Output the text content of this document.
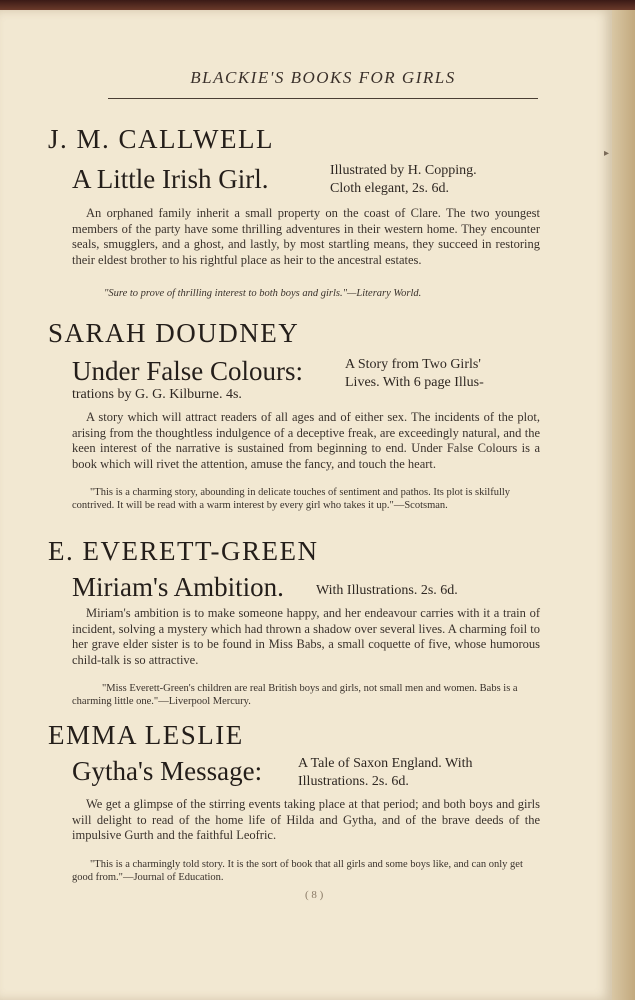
▸
BLACKIE'S BOOKS FOR GIRLS
J. M. CALLWELL
A Little Irish Girl.	Illustrated by H. Copping.
Cloth elegant, 2s. 6d.
An orphaned family inherit a small property on the coast of Clare. The two youngest members of the party have some thrilling adventures in their western home. They encounter seals, smugglers, and a ghost, and lastly, by most startling means, they succeed in restoring their eldest brother to his rightful place as heir to the ancestral estates.
"Sure to prove of thrilling interest to both boys and girls."—Literary World.
SARAH DOUDNEY
Under False Colours:	A Story from Two Girls'
Lives. With 6 page Illus-
trations by G. G. Kilburne. 4s.
A story which will attract readers of all ages and of either sex. The incidents of the plot, arising from the thoughtless indulgence of a deceptive freak, are exceedingly natural, and the keen interest of the narrative is sustained from beginning to end. Under False Colours is a book which will rivet the attention, amuse the fancy, and touch the heart.
"This is a charming story, abounding in delicate touches of sentiment and pathos. Its plot is skilfully contrived. It will be read with a warm interest by every girl who takes it up."—Scotsman.
E. EVERETT-GREEN
Miriam's Ambition. With Illustrations. 2s. 6d.
Miriam's ambition is to make someone happy, and her endeavour carries with it a train of incident, solving a mystery which had thrown a shadow over several lives. A charming foil to her grave elder sister is to be found in Miss Babs, a small coquette of five, whose humorous child-talk is so attractive.
"Miss Everett-Green's children are real British boys and girls, not small men and women. Babs is a charming little one."—Liverpool Mercury.
EMMA LESLIE
Gytha's Message:	A Tale of Saxon England. With
Illustrations. 2s. 6d.
We get a glimpse of the stirring events taking place at that period; and both boys and girls will delight to read of the home life of Hilda and Gytha, and of the brave deeds of the impulsive Gurth and the faithful Leofric.
"This is a charmingly told story. It is the sort of book that all girls and some boys like, and can only get good from."—Journal of Education.
( 8 )
